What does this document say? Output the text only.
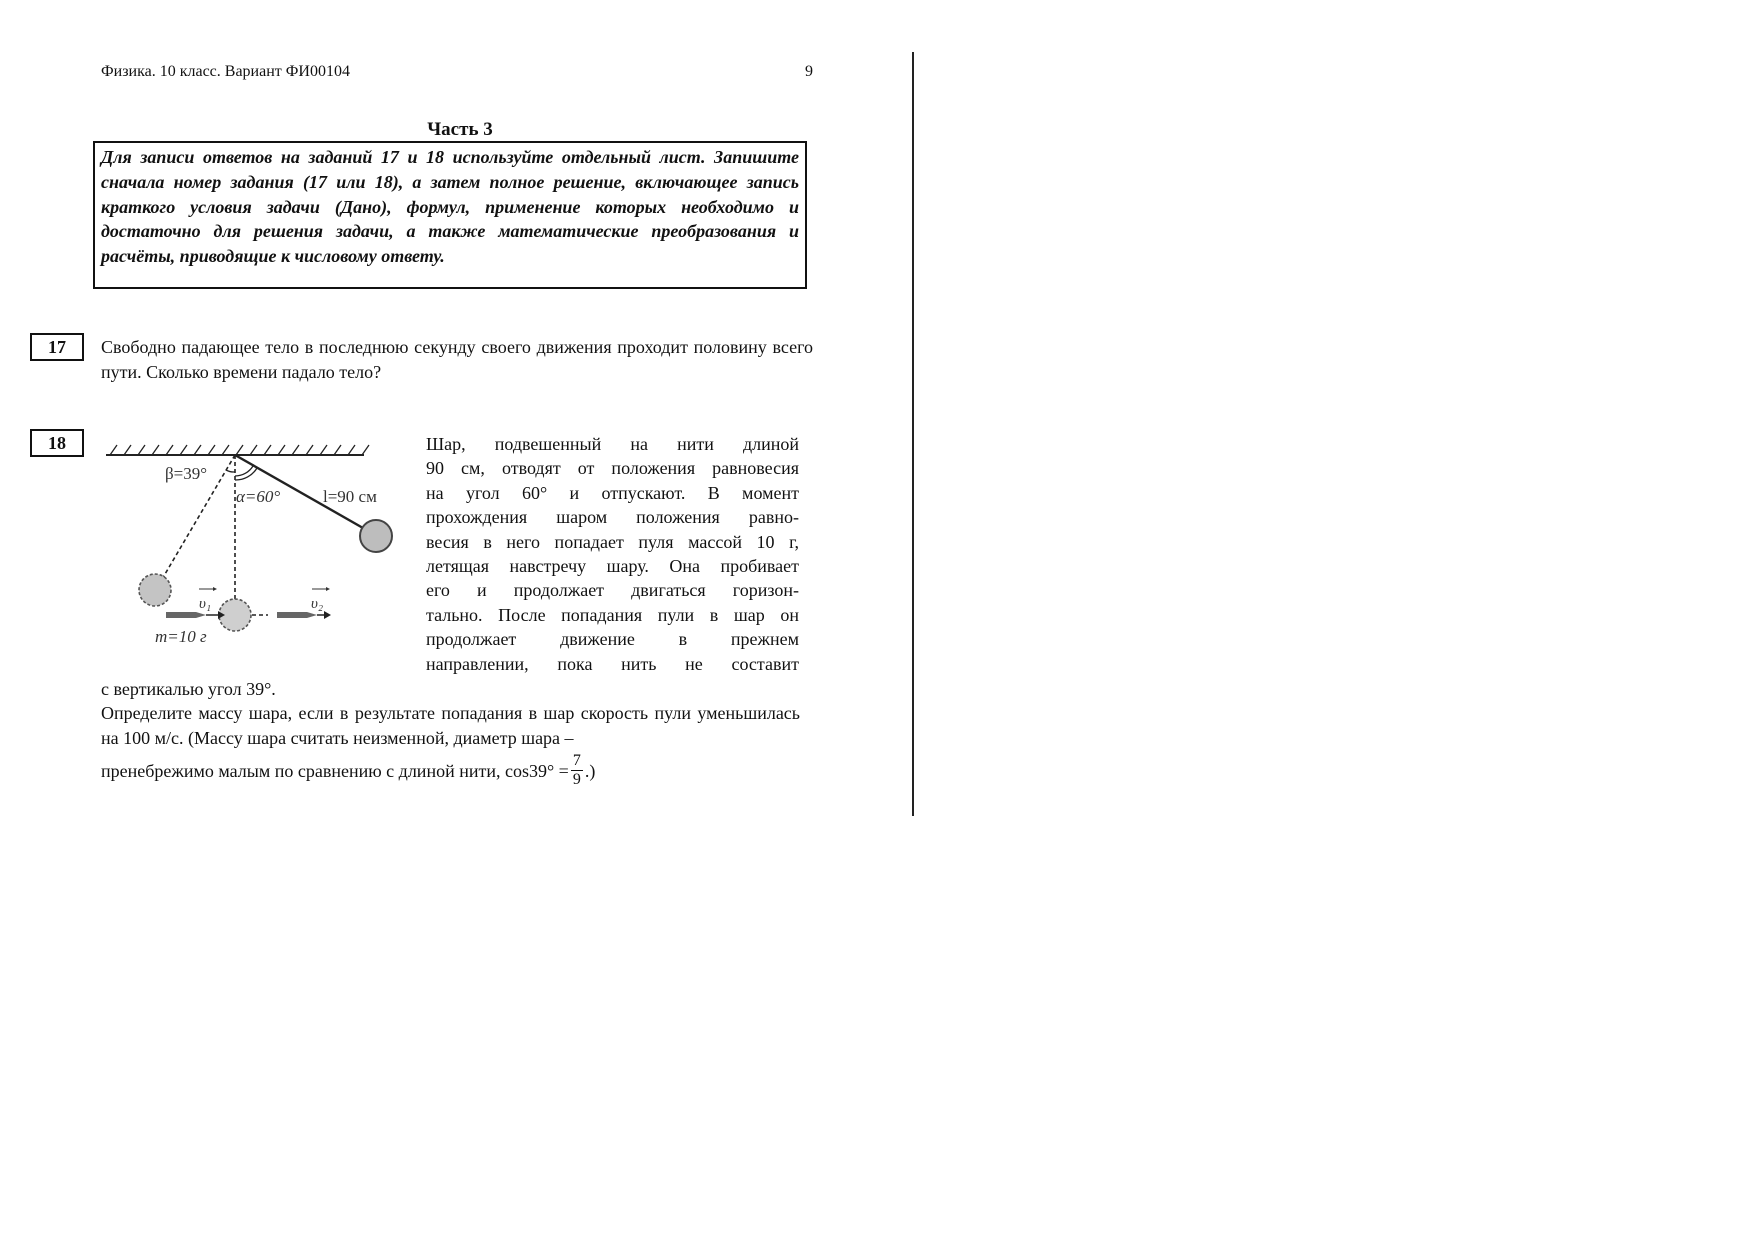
Физика. 10 класс. Вариант ФИ00104	9
Часть 3

Для записи ответов на заданий 17 и 18 используйте отдельный лист. Запишите сначала номер задания (17 или 18), а затем полное решение, включающее запись краткого условия задачи (Дано), формул, применение которых необходимо и достаточно для решения задачи, а также математические преобразования и расчёты, приводящие к числовому ответу.

17	Свободно падающее тело в последнюю секунду своего движения проходит половину всего пути. Сколько времени падало тело?

18
β=39°
α=60°	l=90 см
υ₁	υ₂
m=10 г

Шар, подвешенный на нити длиной
90 см, отводят от положения равновесия
на угол 60° и отпускают. В момент
прохождения шаром положения равно-
весия в него попадает пуля массой 10 г,
летящая навстречу шару. Она пробивает
его и продолжает двигаться горизон-
тально. После попадания пули в шар он
продолжает движение в прежнем
направлении, пока нить не составит

с вертикалью угол 39°.

Определите массу шара, если в результате попадания в шар скорость пули уменьшилась на 100 м/с. (Массу шара считать неизменной, диаметр шара –

пренебрежимо малым по сравнению с длиной нити, $\cos 39^\circ = \frac{7}{9}$ .)
